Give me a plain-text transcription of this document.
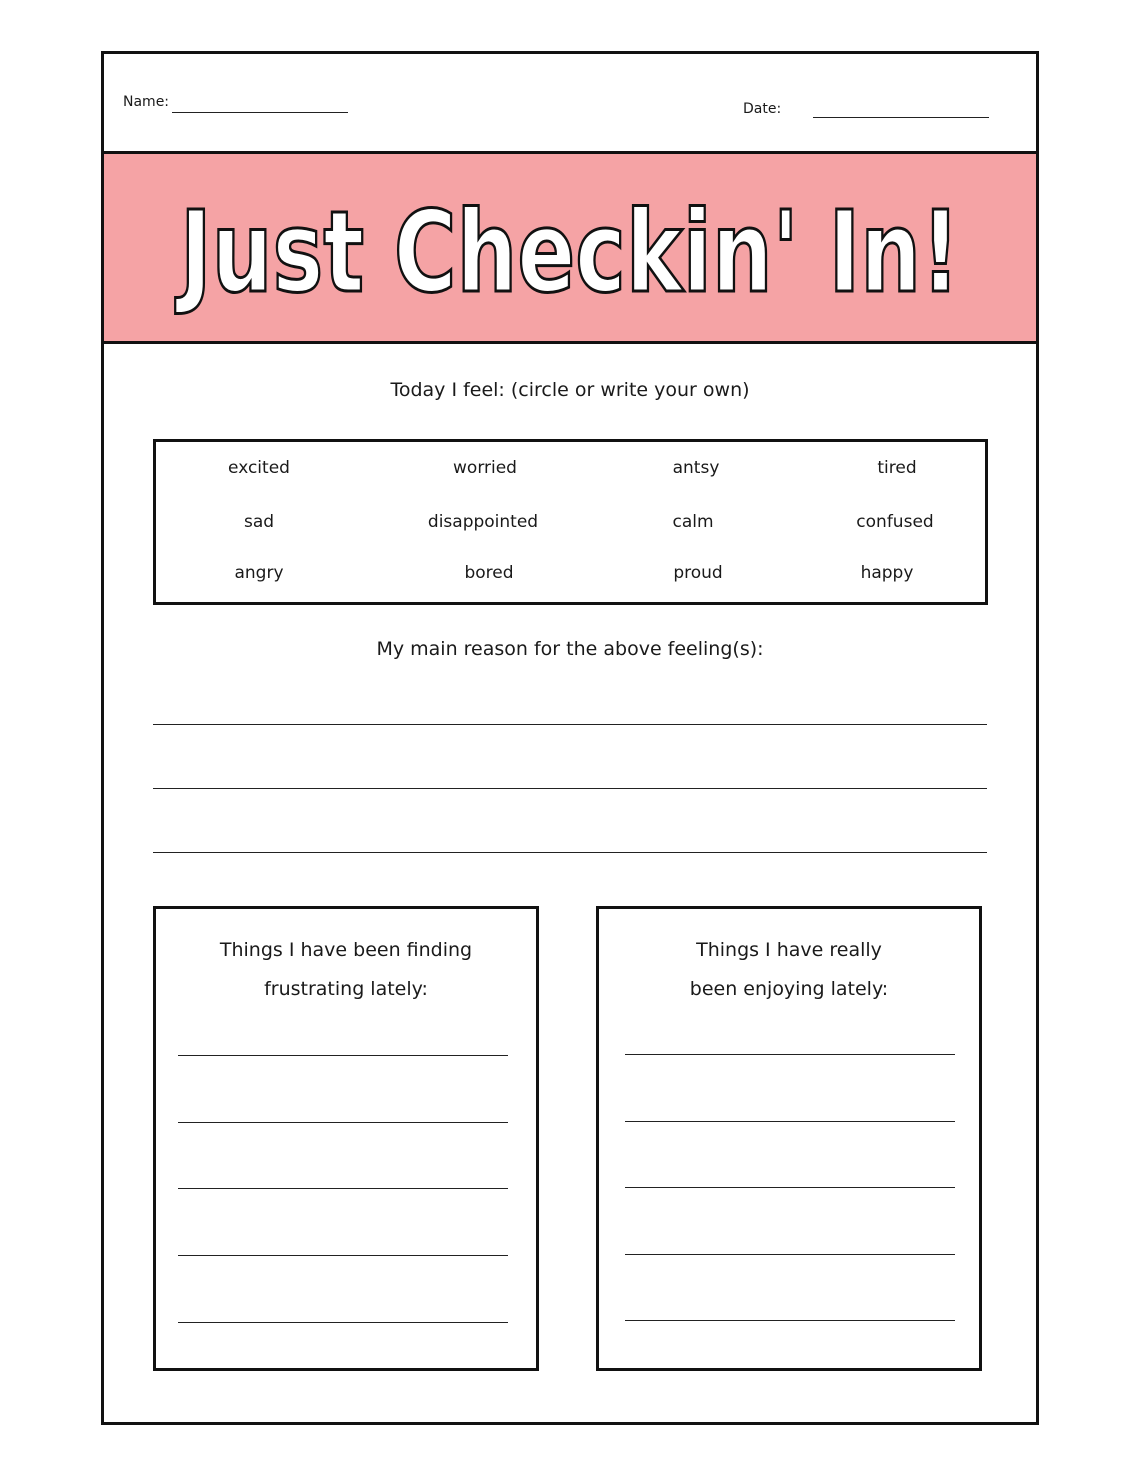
Name:	Date:
Just Checkin' In!
Today I feel: (circle or write your own)
excited	worried	antsy	tired
sad	disappointed	calm	confused
angry	bored	proud	happy
My main reason for the above feeling(s):
Things I have been finding
frustrating lately:
Things I have really
been enjoying lately:
